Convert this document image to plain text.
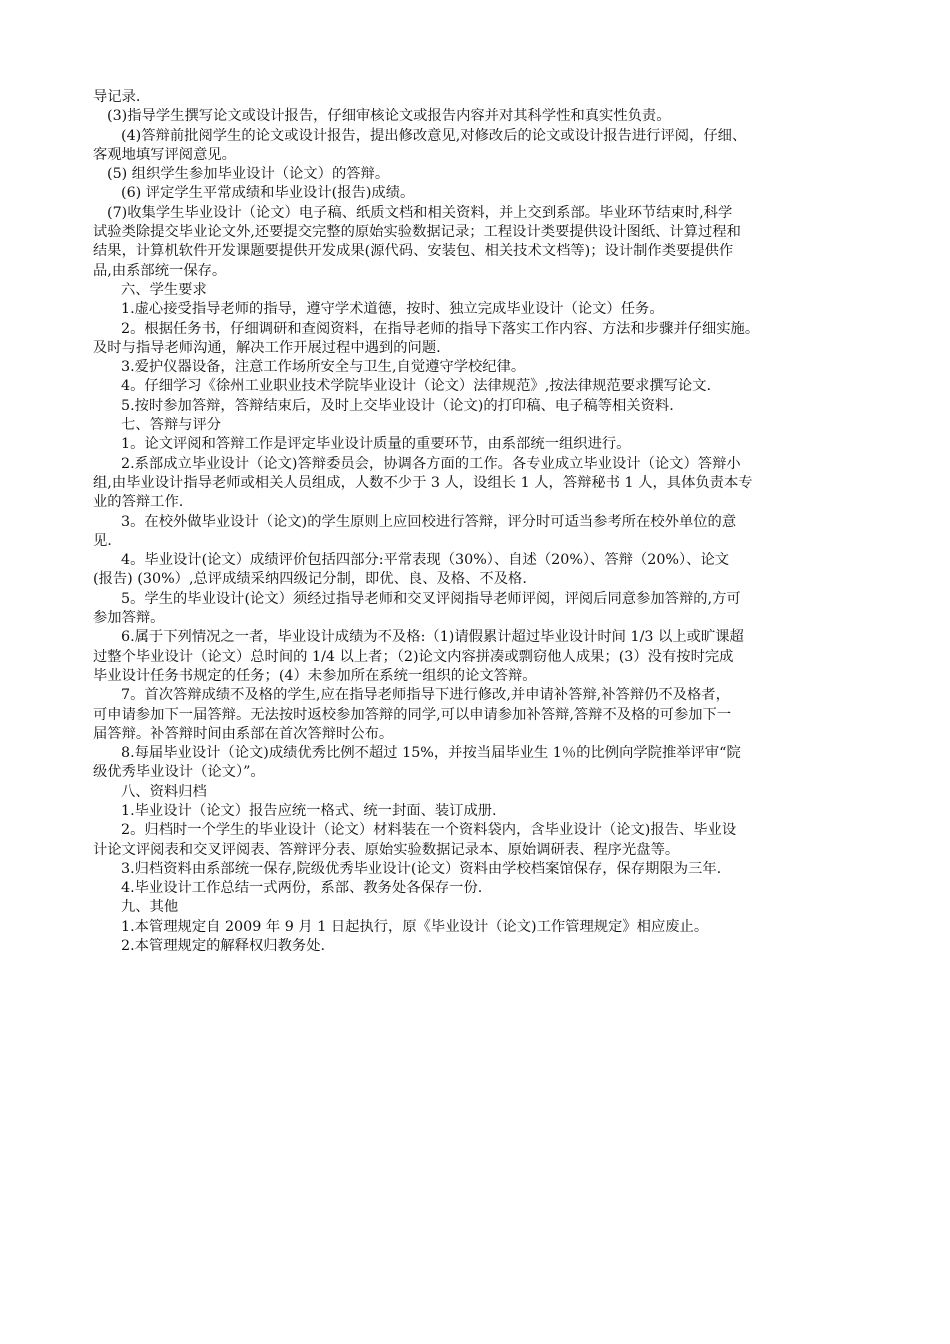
导记录.

(3)指导学生撰写论文或设计报告，仔细审核论文或报告内容并对其科学性和真实性负责。

(4)答辩前批阅学生的论文或设计报告，提出修改意见,对修改后的论文或设计报告进行评阅，仔细、

客观地填写评阅意见。

(5) 组织学生参加毕业设计（论文）的答辩。

(6) 评定学生平常成绩和毕业设计(报告)成绩。

(7)收集学生毕业设计（论文）电子稿、纸质文档和相关资料，并上交到系部。毕业环节结束时,科学

试验类除提交毕业论文外,还要提交完整的原始实验数据记录；工程设计类要提供设计图纸、计算过程和

结果，计算机软件开发课题要提供开发成果(源代码、安装包、相关技术文档等)；设计制作类要提供作

品,由系部统一保存。

六、学生要求

1.虚心接受指导老师的指导，遵守学术道德，按时、独立完成毕业设计（论文）任务。

2。根据任务书，仔细调研和查阅资料，在指导老师的指导下落实工作内容、方法和步骤并仔细实施。

及时与指导老师沟通，解决工作开展过程中遇到的问题.

3.爱护仪器设备，注意工作场所安全与卫生,自觉遵守学校纪律。

4。仔细学习《徐州工业职业技术学院毕业设计（论文）法律规范》,按法律规范要求撰写论文.

5.按时参加答辩，答辩结束后，及时上交毕业设计（论文)的打印稿、电子稿等相关资料.

七、答辩与评分

1。论文评阅和答辩工作是评定毕业设计质量的重要环节，由系部统一组织进行。

2.系部成立毕业设计（论文)答辩委员会，协调各方面的工作。各专业成立毕业设计（论文）答辩小

组,由毕业设计指导老师或相关人员组成，人数不少于 3 人，设组长 1 人，答辩秘书 1 人，具体负责本专

业的答辩工作.

3。在校外做毕业设计（论文)的学生原则上应回校进行答辩，评分时可适当参考所在校外单位的意

见.

4。毕业设计(论文）成绩评价包括四部分:平常表现（30%）、自述（20%）、答辩（20%）、论文

(报告) (30%）,总评成绩采纳四级记分制，即优、良、及格、不及格.

5。学生的毕业设计(论文）须经过指导老师和交叉评阅指导老师评阅，评阅后同意参加答辩的,方可

参加答辩。

6.属于下列情况之一者，毕业设计成绩为不及格:（1)请假累计超过毕业设计时间 1/3 以上或旷课超

过整个毕业设计（论文）总时间的 1/4 以上者；（2)论文内容拼凑或剽窃他人成果；(3）没有按时完成

毕业设计任务书规定的任务；(4）未参加所在系统一组织的论文答辩。

7。首次答辩成绩不及格的学生,应在指导老师指导下进行修改,并申请补答辩,补答辩仍不及格者，

可申请参加下一届答辩。无法按时返校参加答辩的同学,可以申请参加补答辩,答辩不及格的可参加下一

届答辩。补答辩时间由系部在首次答辩时公布。

8.每届毕业设计（论文)成绩优秀比例不超过 15%，并按当届毕业生 1％的比例向学院推举评审“院

级优秀毕业设计（论文）”。

八、资料归档

1.毕业设计（论文）报告应统一格式、统一封面、装订成册.

2。归档时一个学生的毕业设计（论文）材料装在一个资料袋内，含毕业设计（论文)报告、毕业设

计论文评阅表和交叉评阅表、答辩评分表、原始实验数据记录本、原始调研表、程序光盘等。

3.归档资料由系部统一保存,院级优秀毕业设计(论文）资料由学校档案馆保存，保存期限为三年.

4.毕业设计工作总结一式两份，系部、教务处各保存一份.

九、其他

1.本管理规定自 2009 年 9 月 1 日起执行，原《毕业设计（论文)工作管理规定》相应废止。

2.本管理规定的解释权归教务处.
